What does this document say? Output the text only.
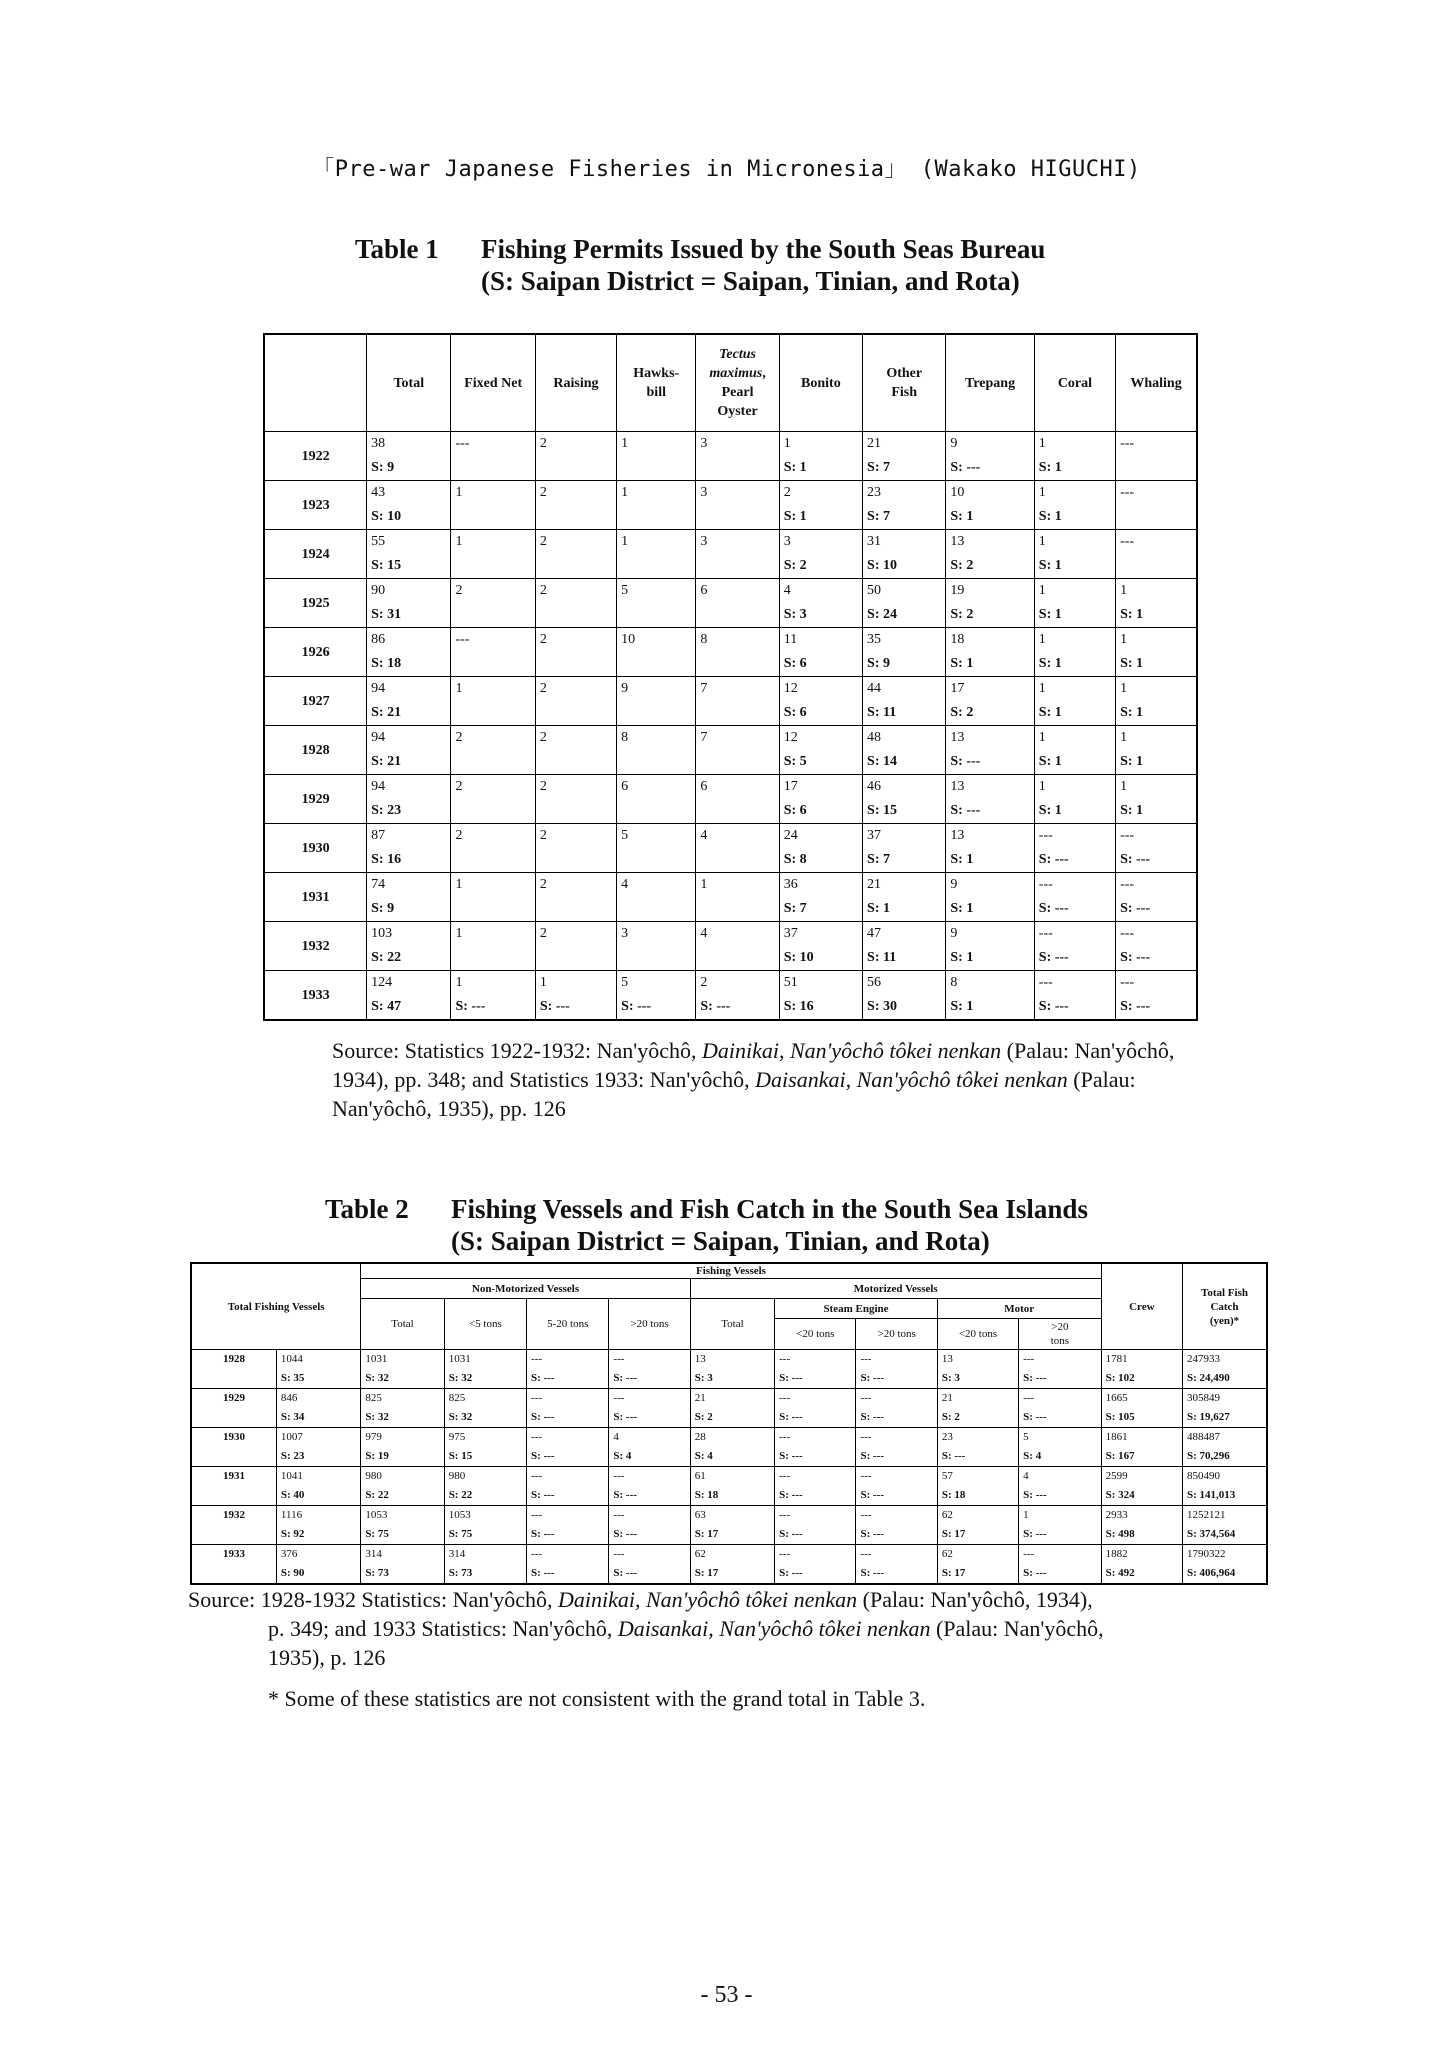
「Pre-war Japanese Fisheries in Micronesia」 (Wakako HIGUCHI)
Table 1	Fishing Permits Issued by the South Seas Bureau
(S: Saipan District = Saipan, Tinian, and Rota)
	Total	Fixed Net	Raising	Hawks-
bill	Tectus
maximus,
Pearl
Oyster	Bonito	Other
Fish	Trepang	Coral	Whaling
1922	38	---	2	1	3	1	21	9	1	---
	S: 9					S: 1	S: 7	S: ---	S: 1	
1923	43	1	2	1	3	2	23	10	1	---
	S: 10					S: 1	S: 7	S: 1	S: 1	
1924	55	1	2	1	3	3	31	13	1	---
	S: 15					S: 2	S: 10	S: 2	S: 1	
1925	90	2	2	5	6	4	50	19	1	1
	S: 31					S: 3	S: 24	S: 2	S: 1	S: 1
1926	86	---	2	10	8	11	35	18	1	1
	S: 18					S: 6	S: 9	S: 1	S: 1	S: 1
1927	94	1	2	9	7	12	44	17	1	1
	S: 21					S: 6	S: 11	S: 2	S: 1	S: 1
1928	94	2	2	8	7	12	48	13	1	1
	S: 21					S: 5	S: 14	S: ---	S: 1	S: 1
1929	94	2	2	6	6	17	46	13	1	1
	S: 23					S: 6	S: 15	S: ---	S: 1	S: 1
1930	87	2	2	5	4	24	37	13	---	---
	S: 16					S: 8	S: 7	S: 1	S: ---	S: ---
1931	74	1	2	4	1	36	21	9	---	---
	S: 9					S: 7	S: 1	S: 1	S: ---	S: ---
1932	103	1	2	3	4	37	47	9	---	---
	S: 22					S: 10	S: 11	S: 1	S: ---	S: ---
1933	124	1	1	5	2	51	56	8	---	---
	S: 47	S: ---	S: ---	S: ---	S: ---	S: 16	S: 30	S: 1	S: ---	S: ---
Source: Statistics 1922-1932: Nan'yôchô, Dainikai, Nan'yôchô tôkei nenkan (Palau: Nan'yôchô,
1934), pp. 348; and Statistics 1933: Nan'yôchô, Daisankai, Nan'yôchô tôkei nenkan (Palau:
Nan'yôchô, 1935), pp. 126
Table 2	Fishing Vessels and Fish Catch in the South Sea Islands
(S: Saipan District = Saipan, Tinian, and Rota)
Total Fishing Vessels		Fishing Vessels									Crew	Total Fish
Catch
(yen)*
		Non-Motorized Vessels				Motorized Vessels						
		Total	<5 tons	5-20 tons	>20 tons	Total	Steam Engine		Motor			
							<20 tons	>20 tons	<20 tons	>20
tons		
1928	1044	1031	1031	---	---	13	---	---	13	---	1781	247933
	S: 35	S: 32	S: 32	S: ---	S: ---	S: 3	S: ---	S: ---	S: 3	S: ---	S: 102	S: 24,490
1929	846	825	825	---	---	21	---	---	21	---	1665	305849
	S: 34	S: 32	S: 32	S: ---	S: ---	S: 2	S: ---	S: ---	S: 2	S: ---	S: 105	S: 19,627
1930	1007	979	975	---	4	28	---	---	23	5	1861	488487
	S: 23	S: 19	S: 15	S: ---	S: 4	S: 4	S: ---	S: ---	S: ---	S: 4	S: 167	S: 70,296
1931	1041	980	980	---	---	61	---	---	57	4	2599	850490
	S: 40	S: 22	S: 22	S: ---	S: ---	S: 18	S: ---	S: ---	S: 18	S: ---	S: 324	S: 141,013
1932	1116	1053	1053	---	---	63	---	---	62	1	2933	1252121
	S: 92	S: 75	S: 75	S: ---	S: ---	S: 17	S: ---	S: ---	S: 17	S: ---	S: 498	S: 374,564
1933	376	314	314	---	---	62	---	---	62	---	1882	1790322
	S: 90	S: 73	S: 73	S: ---	S: ---	S: 17	S: ---	S: ---	S: 17	S: ---	S: 492	S: 406,964
Source: 1928-1932 Statistics: Nan'yôchô, Dainikai, Nan'yôchô tôkei nenkan (Palau: Nan'yôchô, 1934),
p. 349; and 1933 Statistics: Nan'yôchô, Daisankai, Nan'yôchô tôkei nenkan (Palau: Nan'yôchô,
1935), p. 126
* Some of these statistics are not consistent with the grand total in Table 3.
- 53 -
